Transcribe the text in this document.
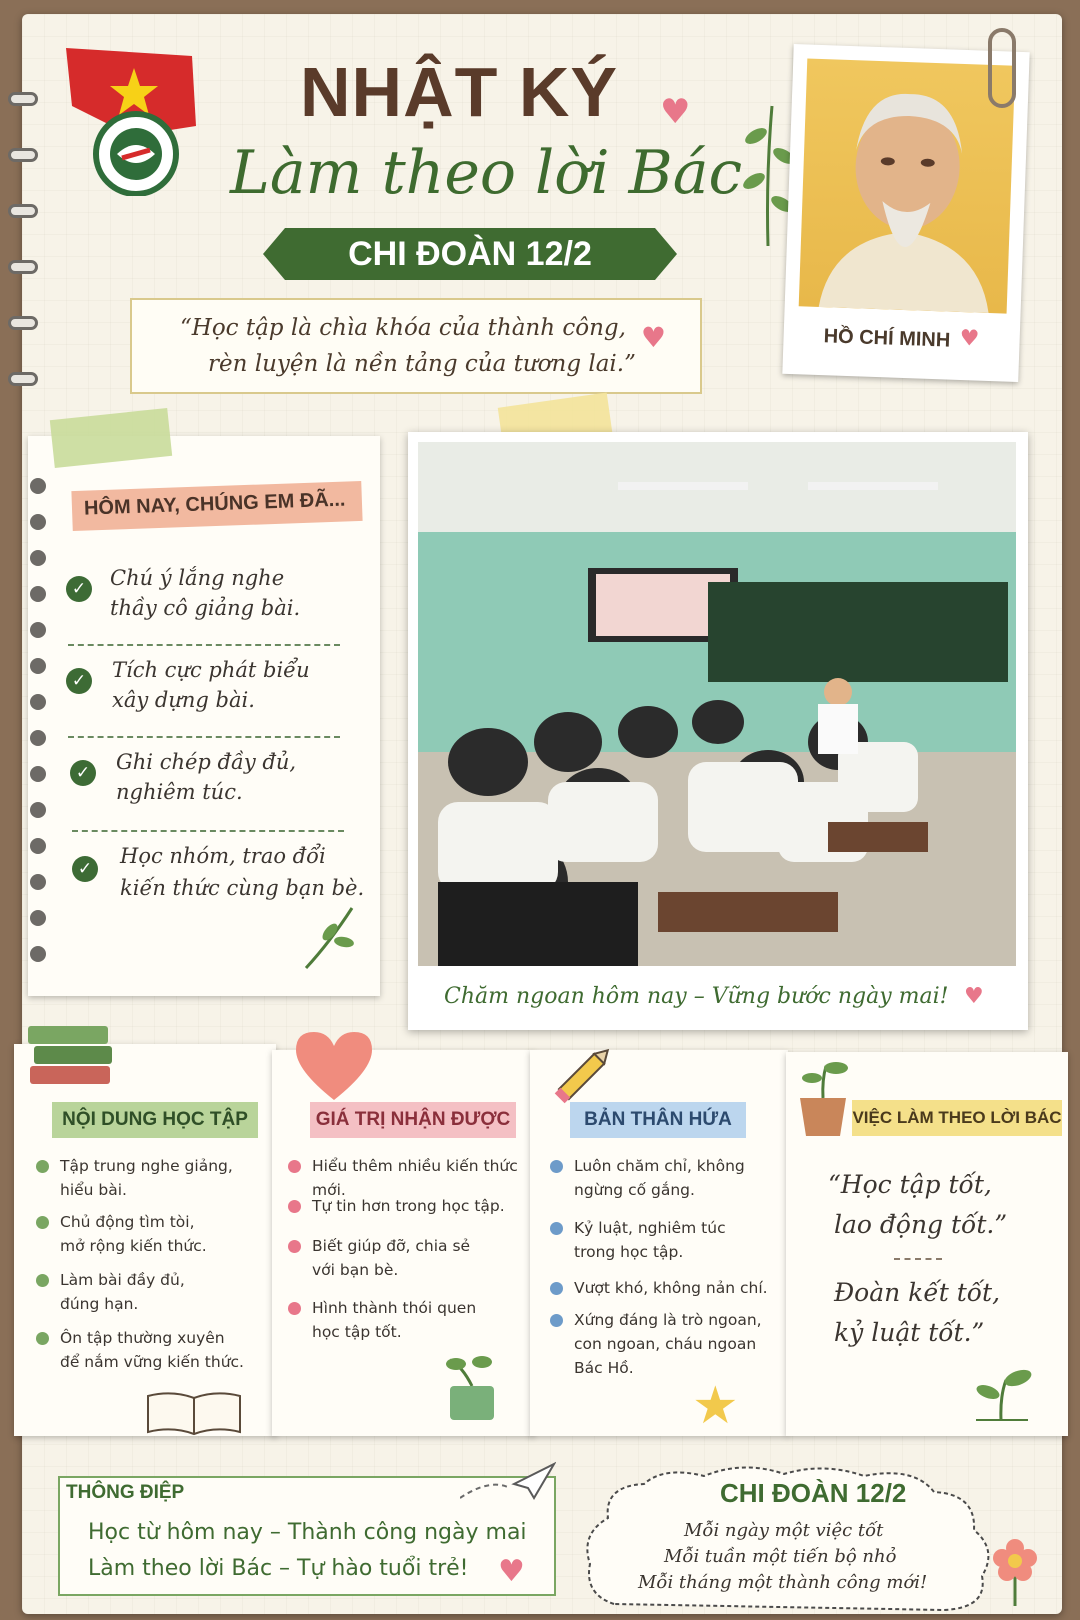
NHẬT KÝ ♥
Làm theo lời Bác
CHI ĐOÀN 12/2
“Học tập là chìa khóa của thành công,
rèn luyện là nền tảng của tương lai.”
♥	HỒ CHÍ MINH ♥
HÔM NAY, CHÚNG EM ĐÃ...
✓ Chú ý lắng nghe
thầy cô giảng bài.
✓ Tích cực phát biểu
xây dựng bài.
✓ Ghi chép đầy đủ,
nghiêm túc.
✓
Học nhóm, trao đổi
kiến thức cùng bạn bè.
Chăm ngoan hôm nay – Vững bước ngày mai! ♥
NỘI DUNG HỌC TẬP
Tập trung nghe giảng,
hiểu bài.
Chủ động tìm tòi,
mở rộng kiến thức.
Làm bài đầy đủ,
đúng hạn.
Ôn tập thường xuyên
để nắm vững kiến thức.
GIÁ TRỊ NHẬN ĐƯỢC
Hiểu thêm nhiều kiến thức mới.
Tự tin hơn trong học tập.
Biết giúp đỡ, chia sẻ
với bạn bè.
Hình thành thói quen
học tập tốt.
BẢN THÂN HỨA
Luôn chăm chỉ, không
ngừng cố gắng.
Kỷ luật, nghiêm túc
trong học tập.
Vượt khó, không nản chí.
Xứng đáng là trò ngoan,
con ngoan, cháu ngoan
Bác Hồ.
★
VIỆC LÀM THEO LỜI BÁC
“Học tập tốt,
lao động tốt.”
Đoàn kết tốt,
kỷ luật tốt.”
THÔNG ĐIỆP
Học từ hôm nay – Thành công ngày mai
Làm theo lời Bác – Tự hào tuổi trẻ! ♥
CHI ĐOÀN 12/2
Mỗi ngày một việc tốt
Mỗi tuần một tiến bộ nhỏ
Mỗi tháng một thành công mới!
